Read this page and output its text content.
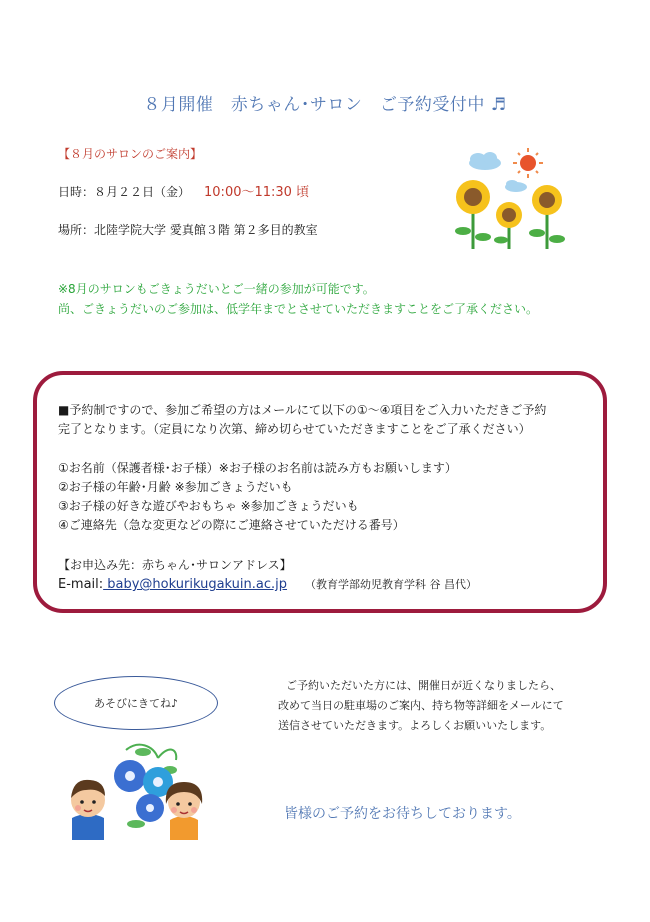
８月開催　赤ちゃん･サロン　ご予約受付中 ♬
【８月のサロンのご案内】
日時：８月２２日（金） 10:00～11:30 頃
場所：北陸学院大学 愛真館３階 第２多目的教室
※8月のサロンもごきょうだいとご一緒の参加が可能です。
尚、ごきょうだいのご参加は、低学年までとさせていただきますことをご了承ください。
■予約制ですので、参加ご希望の方はメールにて以下の①～④項目をご入力いただきご予約
完了となります。（定員になり次第、締め切らせていただきますことをご了承ください）
①お名前（保護者様･お子様）※お子様のお名前は読み方もお願いします）
②お子様の年齢･月齢 ※参加ごきょうだいも
③お子様の好きな遊びやおもちゃ ※参加ごきょうだいも
④ご連絡先（急な変更などの際にご連絡させていただける番号）
【お申込み先：赤ちゃん･サロンアドレス】
E-mail: baby@hokurikugakuin.ac.jp （教育学部幼児教育学科 谷 昌代）
あそびにきてね♪
ご予約いただいた方には、開催日が近くなりましたら、
改めて当日の駐車場のご案内、持ち物等詳細をメールにて
送信させていただきます。よろしくお願いいたします。
皆様のご予約をお待ちしております。
